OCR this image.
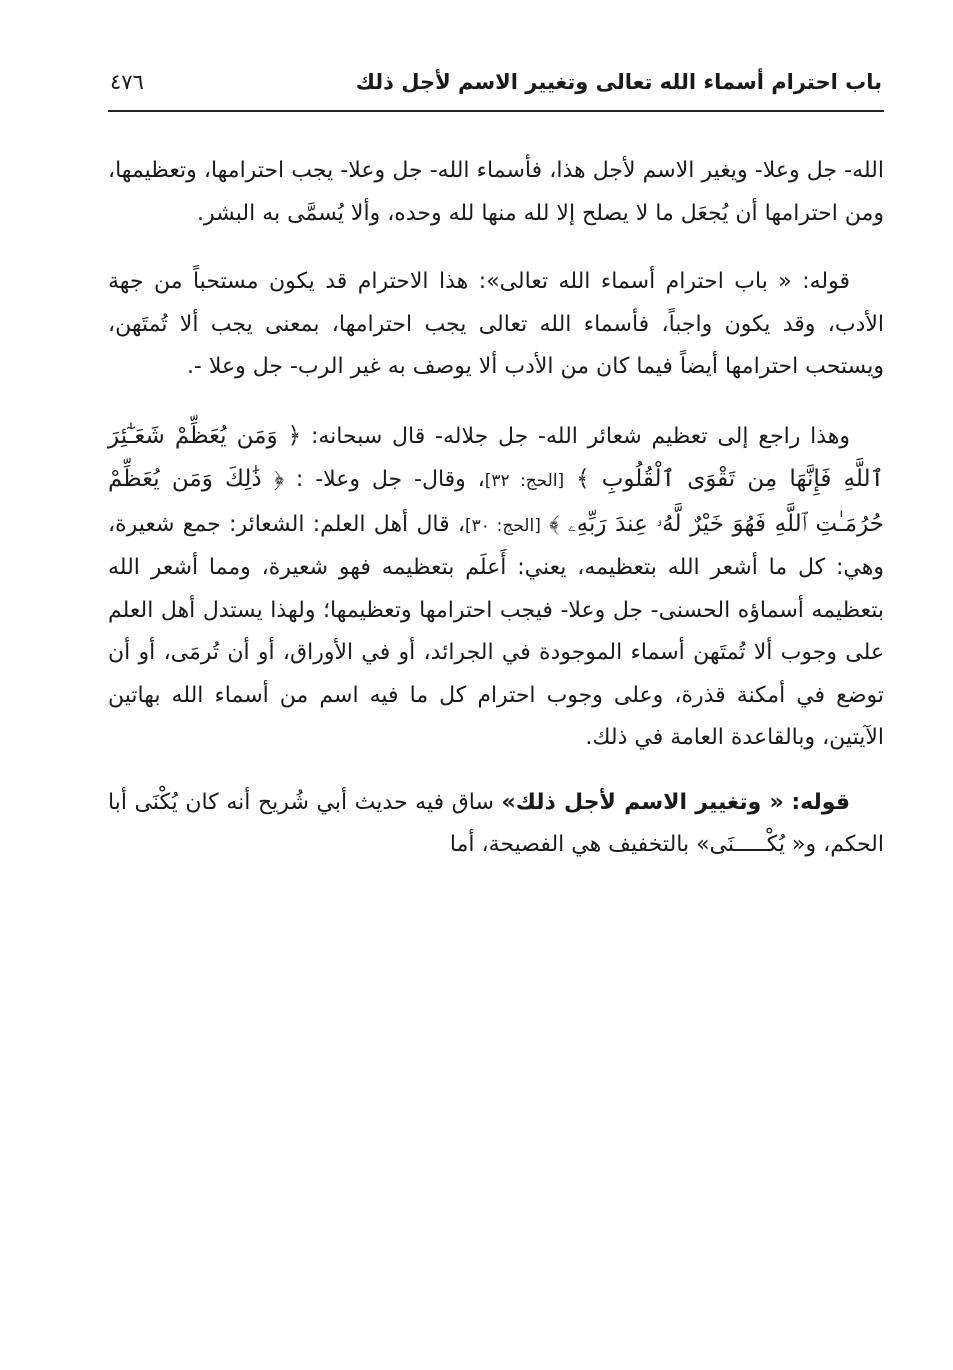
باب احترام أسماء الله تعالى وتغيير الاسم لأجل ذلك
٤٧٦

الله- جل وعلا- ويغير الاسم لأجل هذا، فأسماء الله- جل وعلا- يجب احترامها، وتعظيمها، ومن احترامها أن يُجعَل ما لا يصلح إلا لله منها لله وحده، وألا يُسمَّى به البشر.

قوله: « باب احترام أسماء الله تعالى»: هذا الاحترام قد يكون مستحباً من جهة الأدب، وقد يكون واجباً، فأسماء الله تعالى يجب احترامها، بمعنى يجب ألا تُمتَهن، ويستحب احترامها أيضاً فيما كان من الأدب ألا يوصف به غير الرب- جل وعلا -.

وهذا راجع إلى تعظيم شعائر الله- جل جلاله- قال سبحانه: ﴿ وَمَن يُعَظِّمْ شَعَـٰٓئِرَ ٱللَّهِ فَإِنَّهَا مِن تَقْوَى ٱلْقُلُوبِ ﴾ [الحج: ٣٢]، وقال- جل وعلا- : ﴿ ذَٰلِكَ وَمَن يُعَظِّمْ حُرُمَـٰتِ ٱللَّهِ فَهُوَ خَيْرٌ لَّهُۥ عِندَ رَبِّهِۦ ﴾ [الحج: ٣٠]، قال أهل العلم: الشعائر: جمع شعيرة، وهي: كل ما أشعر الله بتعظيمه، يعني: أَعلَم بتعظيمه فهو شعيرة، ومما أشعر الله بتعظيمه أسماؤه الحسنى- جل وعلا- فيجب احترامها وتعظيمها؛ ولهذا يستدل أهل العلم على وجوب ألا تُمتَهن أسماء الموجودة في الجرائد، أو في الأوراق، أو أن تُرمَى، أو أن توضع في أمكنة قذرة، وعلى وجوب احترام كل ما فيه اسم من أسماء الله بهاتين الآيتين، وبالقاعدة العامة في ذلك.

قوله: « وتغيير الاسم لأجل ذلك» ساق فيه حديث أبي شُريح أنه كان يُكْنَى أبا الحكم، و« يُكْـــــنَى» بالتخفيف هي الفصيحة، أما
